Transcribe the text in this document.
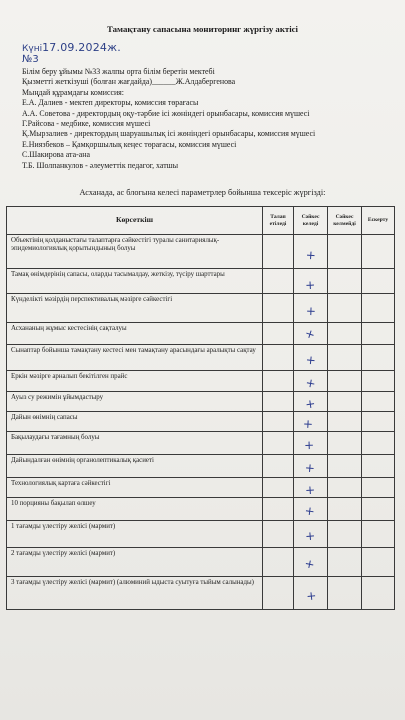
Тамақтану сапасына мониторинг жүргізу актісі
Күні17.09.2024ж.
№3
Білім беру ұйымы №33 жалпы орта білім беретін мектебі
Қызметті жеткізуші (болған жағдайда)______Ж.Алдабергенова
Мыңдай құрамдағы комиссия:
Е.А. Далиев - мектеп директоры, комиссия төрағасы
А.А. Советова - директордың оқу-тәрбие ісі жөніндегі орынбасары, комиссия мүшесі
Г.Райсова - медбике, комиссия мүшесі
Қ.Мырзалиев - директордың шаруашылық ісі жөніндегі орынбасары, комиссия мүшесі
Е.Ниязбеков – Қамқоршылық кеңес төрағасы, комиссия мүшесі
С.Шакирова ата-ана
Т.Б. Шолпанкулов - әлеуметтік педагог, хатшы
Асханада, ас блогына келесі параметрлер бойынша тексеріс жүргізді:
Көрсеткіш	Талап етіледі	Сәйкес келеді	Сәйкес келмейді	Ескерту
Объектінің қолданыстағы талаптарға сәйкестігі туралы санитариялық-эпидемиологиялық қорытындының болуы		+		
Тамақ өнімдерінің сапасы, оларды тасымалдау, жеткізу, түсіру шарттары		+		
Күнделікті мәзірдің перспективалық мәзірге сәйкестігі		+		
Асхананың жұмыс кестесінің сақталуы		+		
Сынаптар бойынша тамақтану кестесі мен тамақтану арасындағы аралықты сақтау		+		
Еркін мәзірге арналып бекітілген прайс		+		
Ауыз су режимін ұйымдастыру		+		
Дайын өнімнің сапасы		+		
Бақылаудағы тағамның болуы		+		
Дайындалған өнімнің органолептикалық қасиеті		+		
Технологиялық картаға сәйкестігі		+		
10 порцияны бақылап өлшеу		+		
1 тағамды үлестіру желісі (мармит)		+		
2 тағамды үлестіру желісі (мармит)		+		
3 тағамды үлестіру желісі (мармит) (алюминий ыдыста суытуға тыйым салынады)		+		
